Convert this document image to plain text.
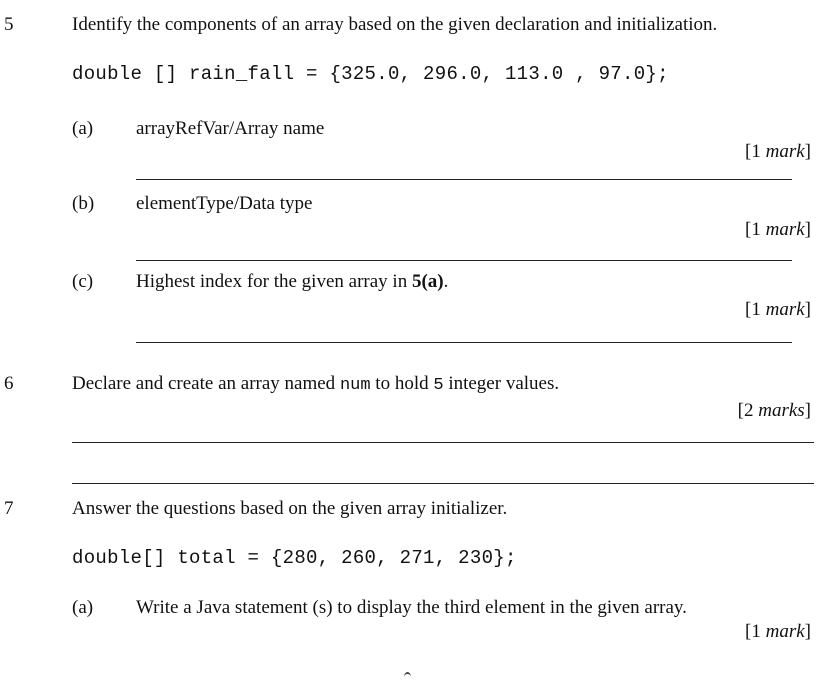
5	Identify the components of an array based on the given declaration and initialization.
double [] rain_fall = {325.0, 296.0, 113.0 , 97.0};
(a) arrayRefVar/Array name
[1 mark]
(b) elementType/Data type
[1 mark]
(c) Highest index for the given array in 5(a).
[1 mark]
6	Declare and create an array named num to hold 5 integer values.
[2 marks]
7	Answer the questions based on the given array initializer.
double[] total = {280, 260, 271, 230};
(a) Write a Java statement (s) to display the third element in the given array.
[1 mark]
